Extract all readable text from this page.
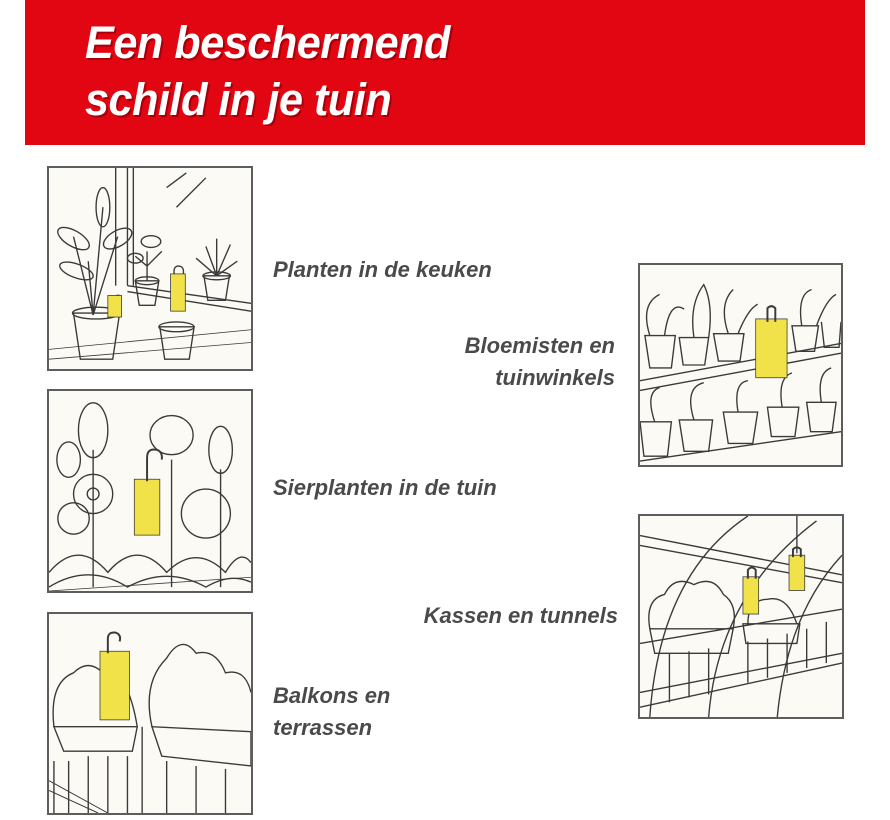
Een beschermend
schild in je tuin
Planten in de keuken
Bloemisten en
tuinwinkels
Sierplanten in de tuin
Kassen en tunnels
Balkons en
terrassen
